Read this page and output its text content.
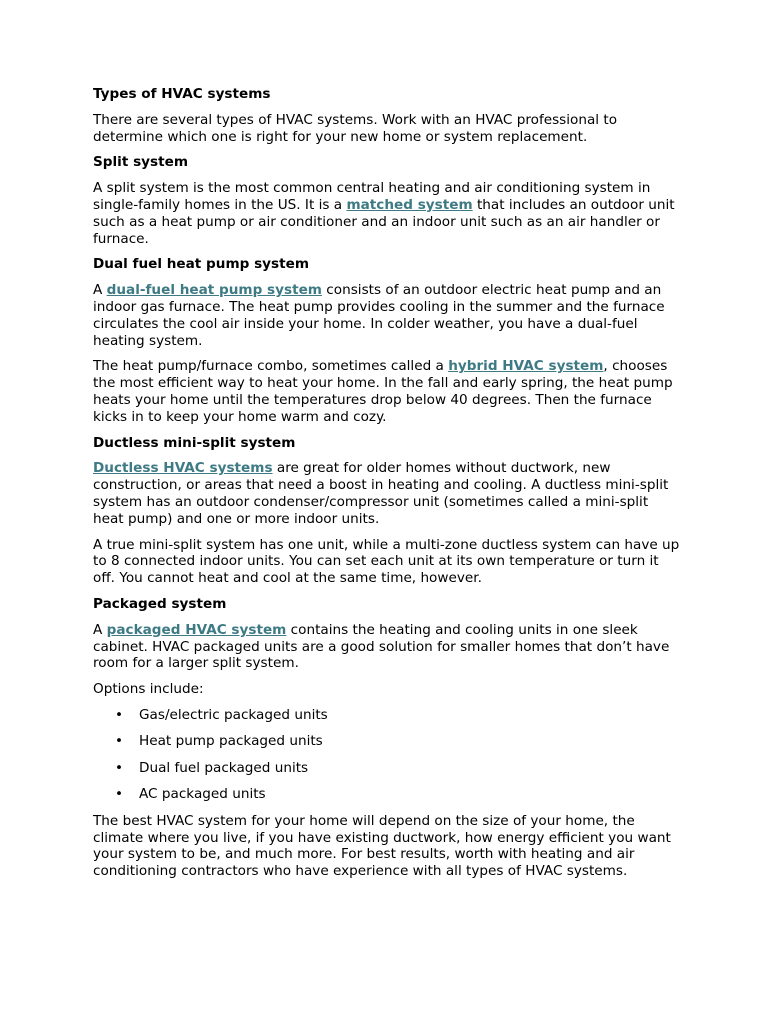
Types of HVAC systems
There are several types of HVAC systems. Work with an HVAC professional to determine which one is right for your new home or system replacement.
Split system
A split system is the most common central heating and air conditioning system in single-family homes in the US. It is a matched system that includes an outdoor unit such as a heat pump or air conditioner and an indoor unit such as an air handler or furnace.
Dual fuel heat pump system
A dual-fuel heat pump system consists of an outdoor electric heat pump and an indoor gas furnace. The heat pump provides cooling in the summer and the furnace circulates the cool air inside your home. In colder weather, you have a dual-fuel heating system.
The heat pump/furnace combo, sometimes called a hybrid HVAC system, chooses the most efficient way to heat your home. In the fall and early spring, the heat pump heats your home until the temperatures drop below 40 degrees. Then the furnace kicks in to keep your home warm and cozy.
Ductless mini-split system
Ductless HVAC systems are great for older homes without ductwork, new construction, or areas that need a boost in heating and cooling. A ductless mini-split system has an outdoor condenser/compressor unit (sometimes called a mini-split heat pump) and one or more indoor units.
A true mini-split system has one unit, while a multi-zone ductless system can have up to 8 connected indoor units. You can set each unit at its own temperature or turn it off. You cannot heat and cool at the same time, however.
Packaged system
A packaged HVAC system contains the heating and cooling units in one sleek cabinet. HVAC packaged units are a good solution for smaller homes that don’t have room for a larger split system.
Options include:
• Gas/electric packaged units
• Heat pump packaged units
• Dual fuel packaged units
• AC packaged units
The best HVAC system for your home will depend on the size of your home, the climate where you live, if you have existing ductwork, how energy efficient you want your system to be, and much more. For best results, worth with heating and air conditioning contractors who have experience with all types of HVAC systems.
